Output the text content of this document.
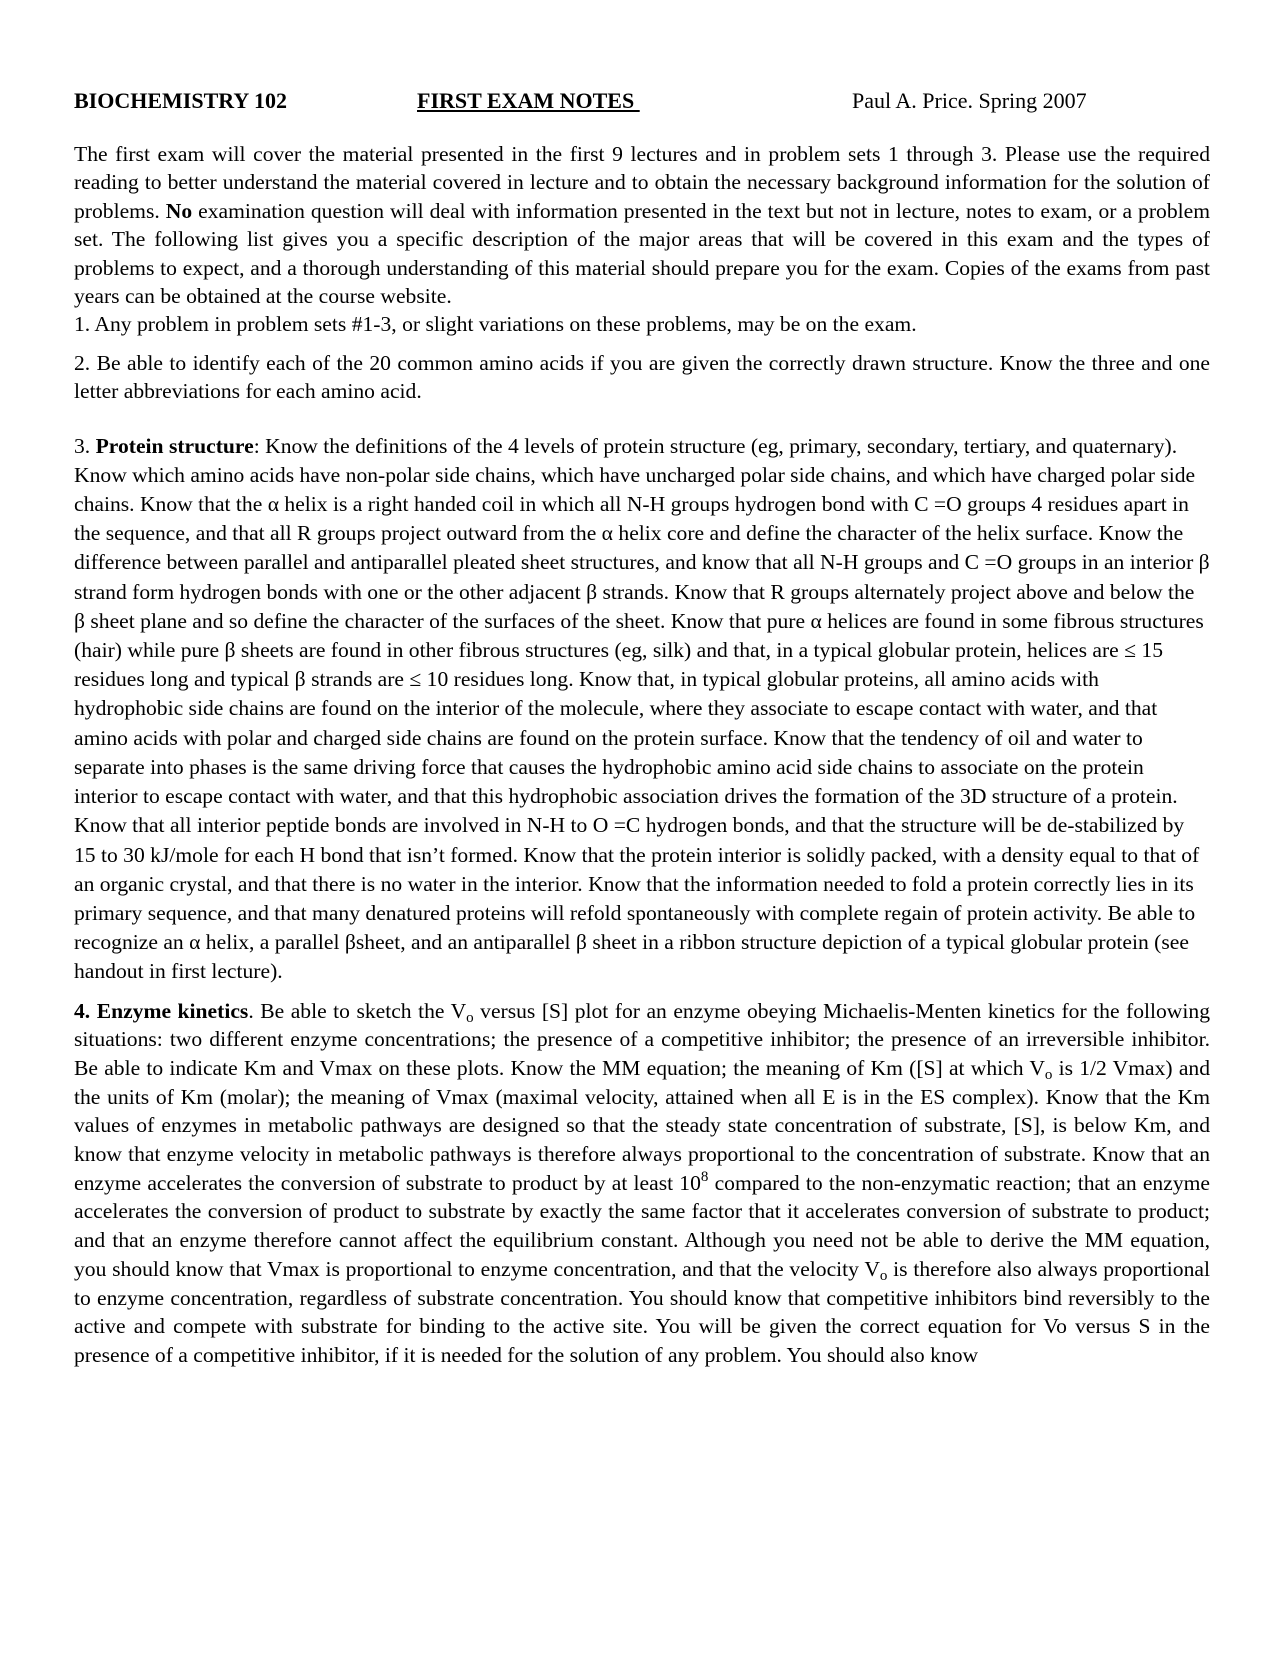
BIOCHEMISTRY 102	FIRST EXAM NOTES	Paul A. Price. Spring 2007

The first exam will cover the material presented in the first 9 lectures and in problem sets 1 through 3. Please use the required reading to better understand the material covered in lecture and to obtain the necessary background information for the solution of problems. No examination question will deal with information presented in the text but not in lecture, notes to exam, or a problem set. The following list gives you a specific description of the major areas that will be covered in this exam and the types of problems to expect, and a thorough understanding of this material should prepare you for the exam. Copies of the exams from past years can be obtained at the course website.

1. Any problem in problem sets #1-3, or slight variations on these problems, may be on the exam.

2. Be able to identify each of the 20 common amino acids if you are given the correctly drawn structure. Know the three and one letter abbreviations for each amino acid.

3. Protein structure: Know the definitions of the 4 levels of protein structure (eg, primary, secondary, tertiary, and quaternary). Know which amino acids have non-polar side chains, which have uncharged polar side chains, and which have charged polar side chains. Know that the α helix is a right handed coil in which all N-H groups hydrogen bond with C =O groups 4 residues apart in the sequence, and that all R groups project outward from the α helix core and define the character of the helix surface. Know the difference between parallel and antiparallel pleated sheet structures, and know that all N-H groups and C =O groups in an interior β strand form hydrogen bonds with one or the other adjacent β strands. Know that R groups alternately project above and below the β sheet plane and so define the character of the surfaces of the sheet. Know that pure α helices are found in some fibrous structures (hair) while pure β sheets are found in other fibrous structures (eg, silk) and that, in a typical globular protein, helices are ≤ 15 residues long and typical β strands are ≤ 10 residues long. Know that, in typical globular proteins, all amino acids with hydrophobic side chains are found on the interior of the molecule, where they associate to escape contact with water, and that amino acids with polar and charged side chains are found on the protein surface. Know that the tendency of oil and water to separate into phases is the same driving force that causes the hydrophobic amino acid side chains to associate on the protein interior to escape contact with water, and that this hydrophobic association drives the formation of the 3D structure of a protein. Know that all interior peptide bonds are involved in N-H to O =C hydrogen bonds, and that the structure will be de-stabilized by 15 to 30 kJ/mole for each H bond that isn’t formed. Know that the protein interior is solidly packed, with a density equal to that of an organic crystal, and that there is no water in the interior. Know that the information needed to fold a protein correctly lies in its primary sequence, and that many denatured proteins will refold spontaneously with complete regain of protein activity. Be able to recognize an α helix, a parallel βsheet, and an antiparallel β sheet in a ribbon structure depiction of a typical globular protein (see handout in first lecture).

4. Enzyme kinetics. Be able to sketch the $V_o$ versus [S] plot for an enzyme obeying Michaelis-Menten kinetics for the following situations: two different enzyme concentrations; the presence of a competitive inhibitor; the presence of an irreversible inhibitor. Be able to indicate Km and Vmax on these plots. Know the MM equation; the meaning of Km ([S] at which $V_o$ is 1/2 Vmax) and the units of Km (molar); the meaning of Vmax (maximal velocity, attained when all E is in the ES complex). Know that the Km values of enzymes in metabolic pathways are designed so that the steady state concentration of substrate, [S], is below Km, and know that enzyme velocity in metabolic pathways is therefore always proportional to the concentration of substrate. Know that an enzyme accelerates the conversion of substrate to product by at least $10^8$ compared to the non-enzymatic reaction; that an enzyme accelerates the conversion of product to substrate by exactly the same factor that it accelerates conversion of substrate to product; and that an enzyme therefore cannot affect the equilibrium constant. Although you need not be able to derive the MM equation, you should know that Vmax is proportional to enzyme concentration, and that the velocity $V_o$ is therefore also always proportional to enzyme concentration, regardless of substrate concentration. You should know that competitive inhibitors bind reversibly to the active and compete with substrate for binding to the active site. You will be given the correct equation for Vo versus S in the presence of a competitive inhibitor, if it is needed for the solution of any problem. You should also know
